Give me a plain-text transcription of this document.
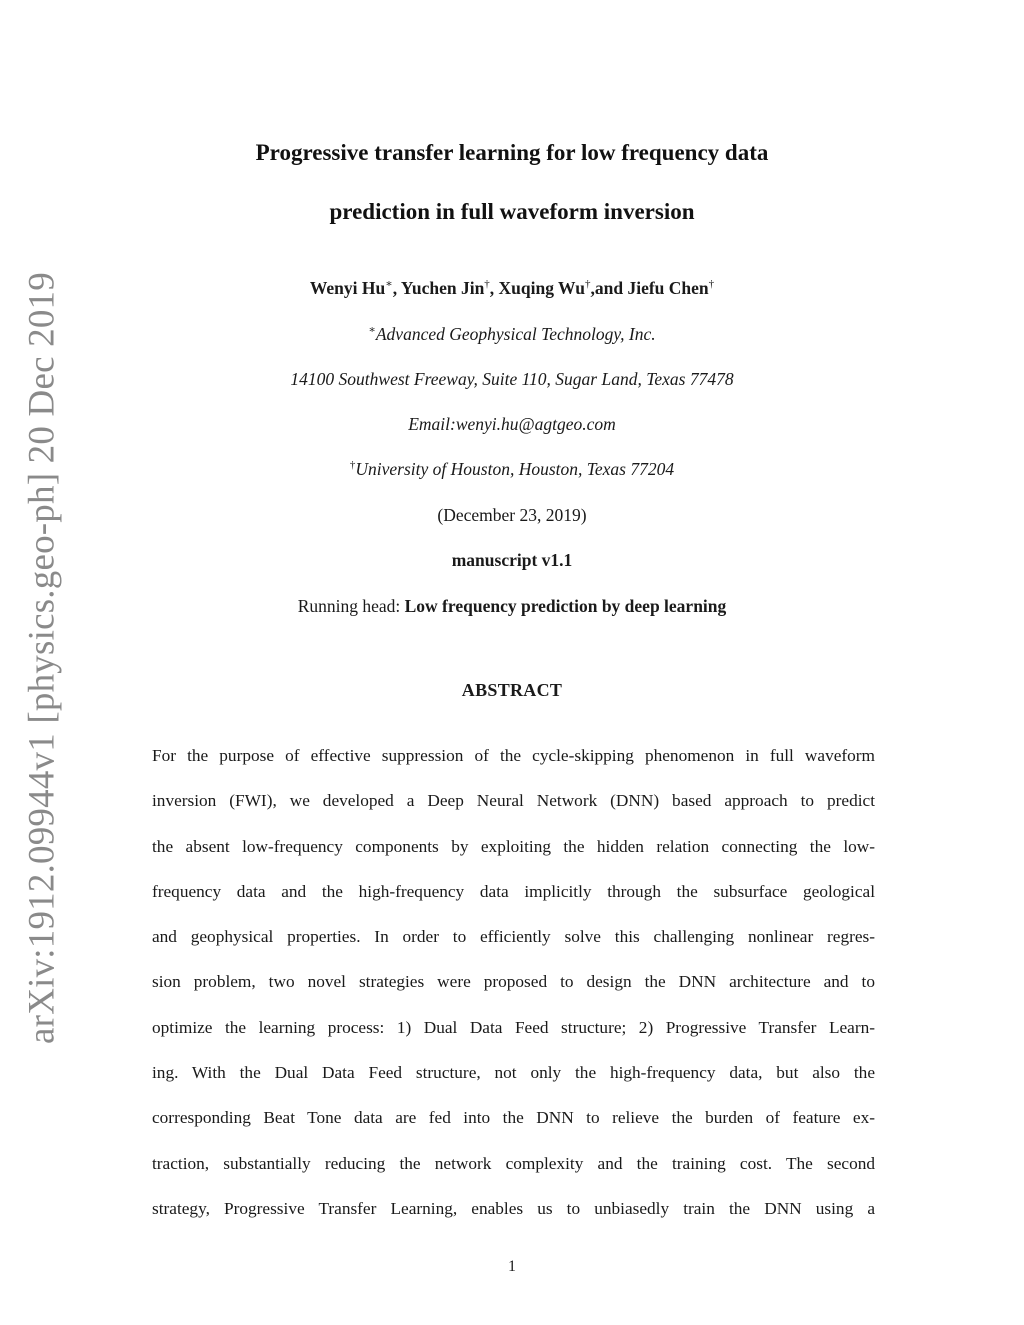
arXiv:1912.09944v1 [physics.geo-ph] 20 Dec 2019
Progressive transfer learning for low frequency data
prediction in full waveform inversion
Wenyi Hu∗, Yuchen Jin†, Xuqing Wu†,and Jiefu Chen†
∗Advanced Geophysical Technology, Inc.
14100 Southwest Freeway, Suite 110, Sugar Land, Texas 77478
Email:wenyi.hu@agtgeo.com
†University of Houston, Houston, Texas 77204
(December 23, 2019)
manuscript v1.1
Running head: Low frequency prediction by deep learning
ABSTRACT
For the purpose of effective suppression of the cycle-skipping phenomenon in full waveform
inversion (FWI), we developed a Deep Neural Network (DNN) based approach to predict
the absent low-frequency components by exploiting the hidden relation connecting the low-
frequency data and the high-frequency data implicitly through the subsurface geological
and geophysical properties. In order to efficiently solve this challenging nonlinear regres-
sion problem, two novel strategies were proposed to design the DNN architecture and to
optimize the learning process: 1) Dual Data Feed structure; 2) Progressive Transfer Learn-
ing. With the Dual Data Feed structure, not only the high-frequency data, but also the
corresponding Beat Tone data are fed into the DNN to relieve the burden of feature ex-
traction, substantially reducing the network complexity and the training cost. The second
strategy, Progressive Transfer Learning, enables us to unbiasedly train the DNN using a
1
